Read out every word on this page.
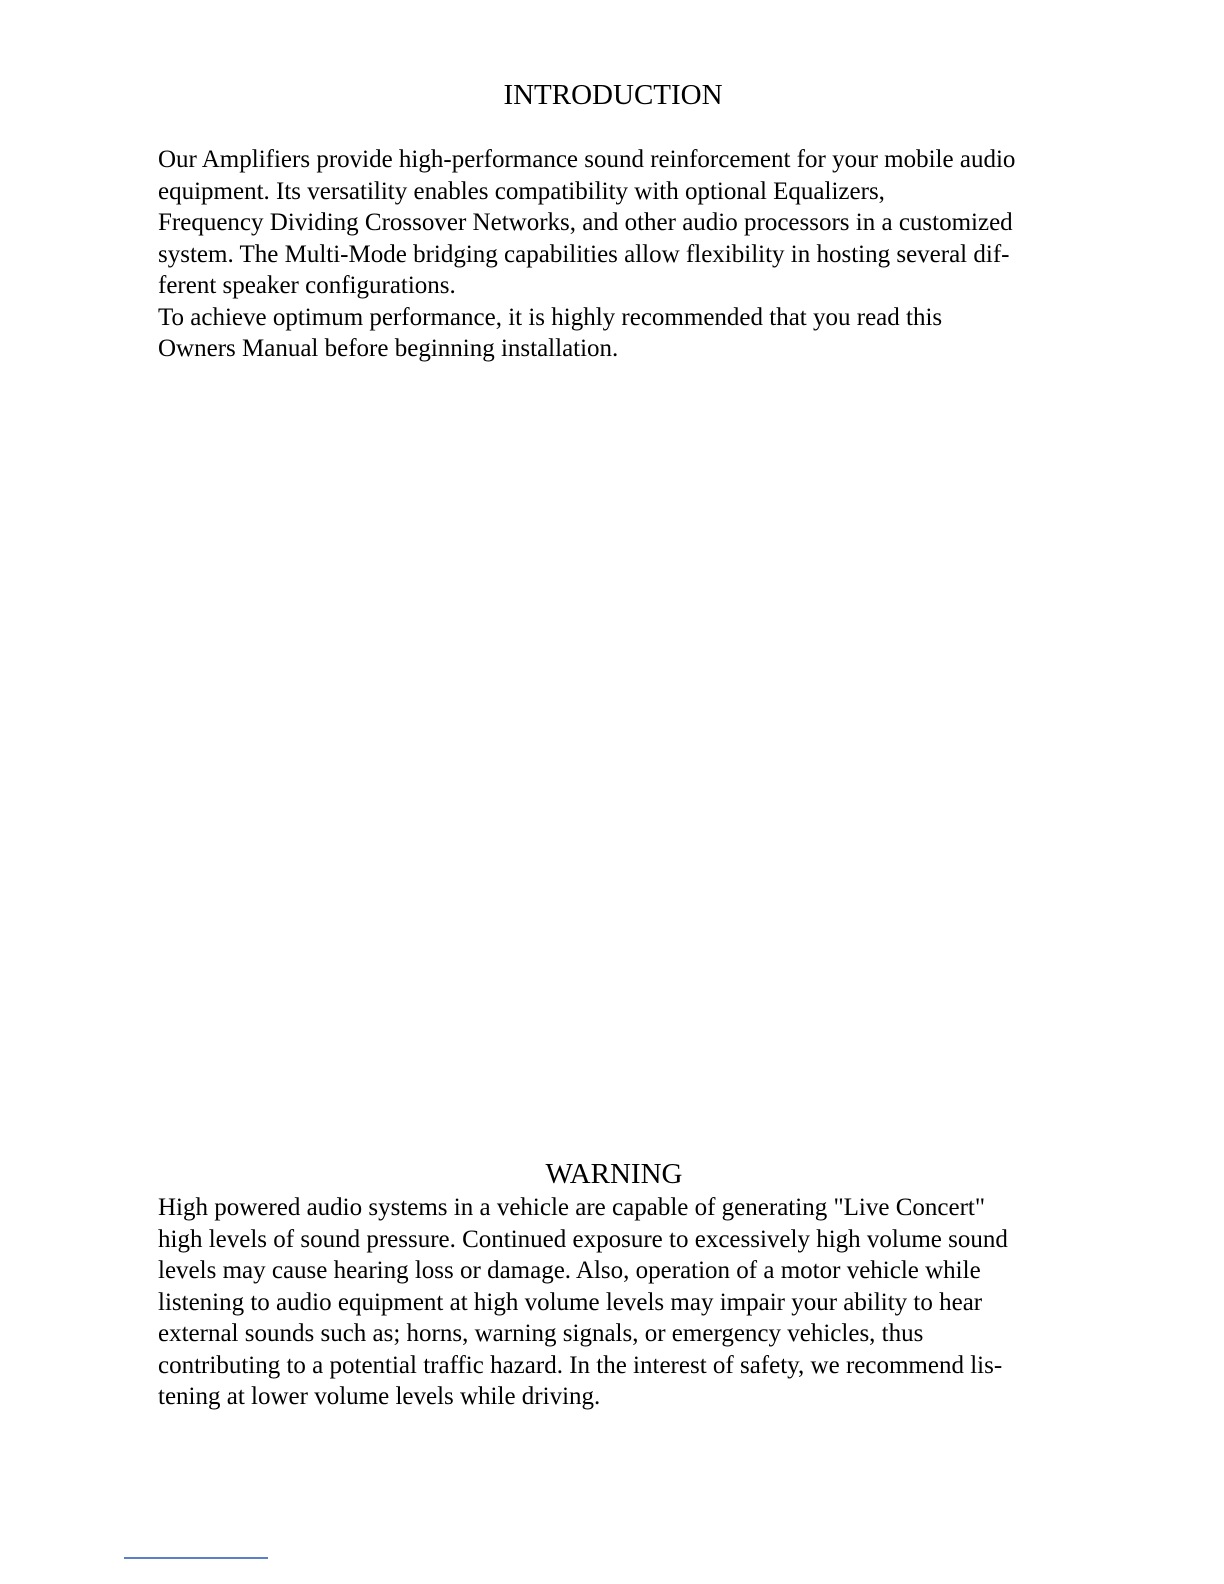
INTRODUCTION
Our Amplifiers provide high-performance sound reinforcement for your mobile audio
equipment. Its versatility enables compatibility with optional Equalizers,
Frequency Dividing Crossover Networks, and other audio processors in a customized
system. The Multi-Mode bridging capabilities allow flexibility in hosting several dif-
ferent speaker configurations.
To achieve optimum performance, it is highly recommended that you read this
Owners Manual before beginning installation.
WARNING
High powered audio systems in a vehicle are capable of generating "Live Concert"
high levels of sound pressure. Continued exposure to excessively high volume sound
levels may cause hearing loss or damage. Also, operation of a motor vehicle while
listening to audio equipment at high volume levels may impair your ability to hear
external sounds such as; horns, warning signals, or emergency vehicles, thus
contributing to a potential traffic hazard. In the interest of safety, we recommend lis-
tening at lower volume levels while driving.
